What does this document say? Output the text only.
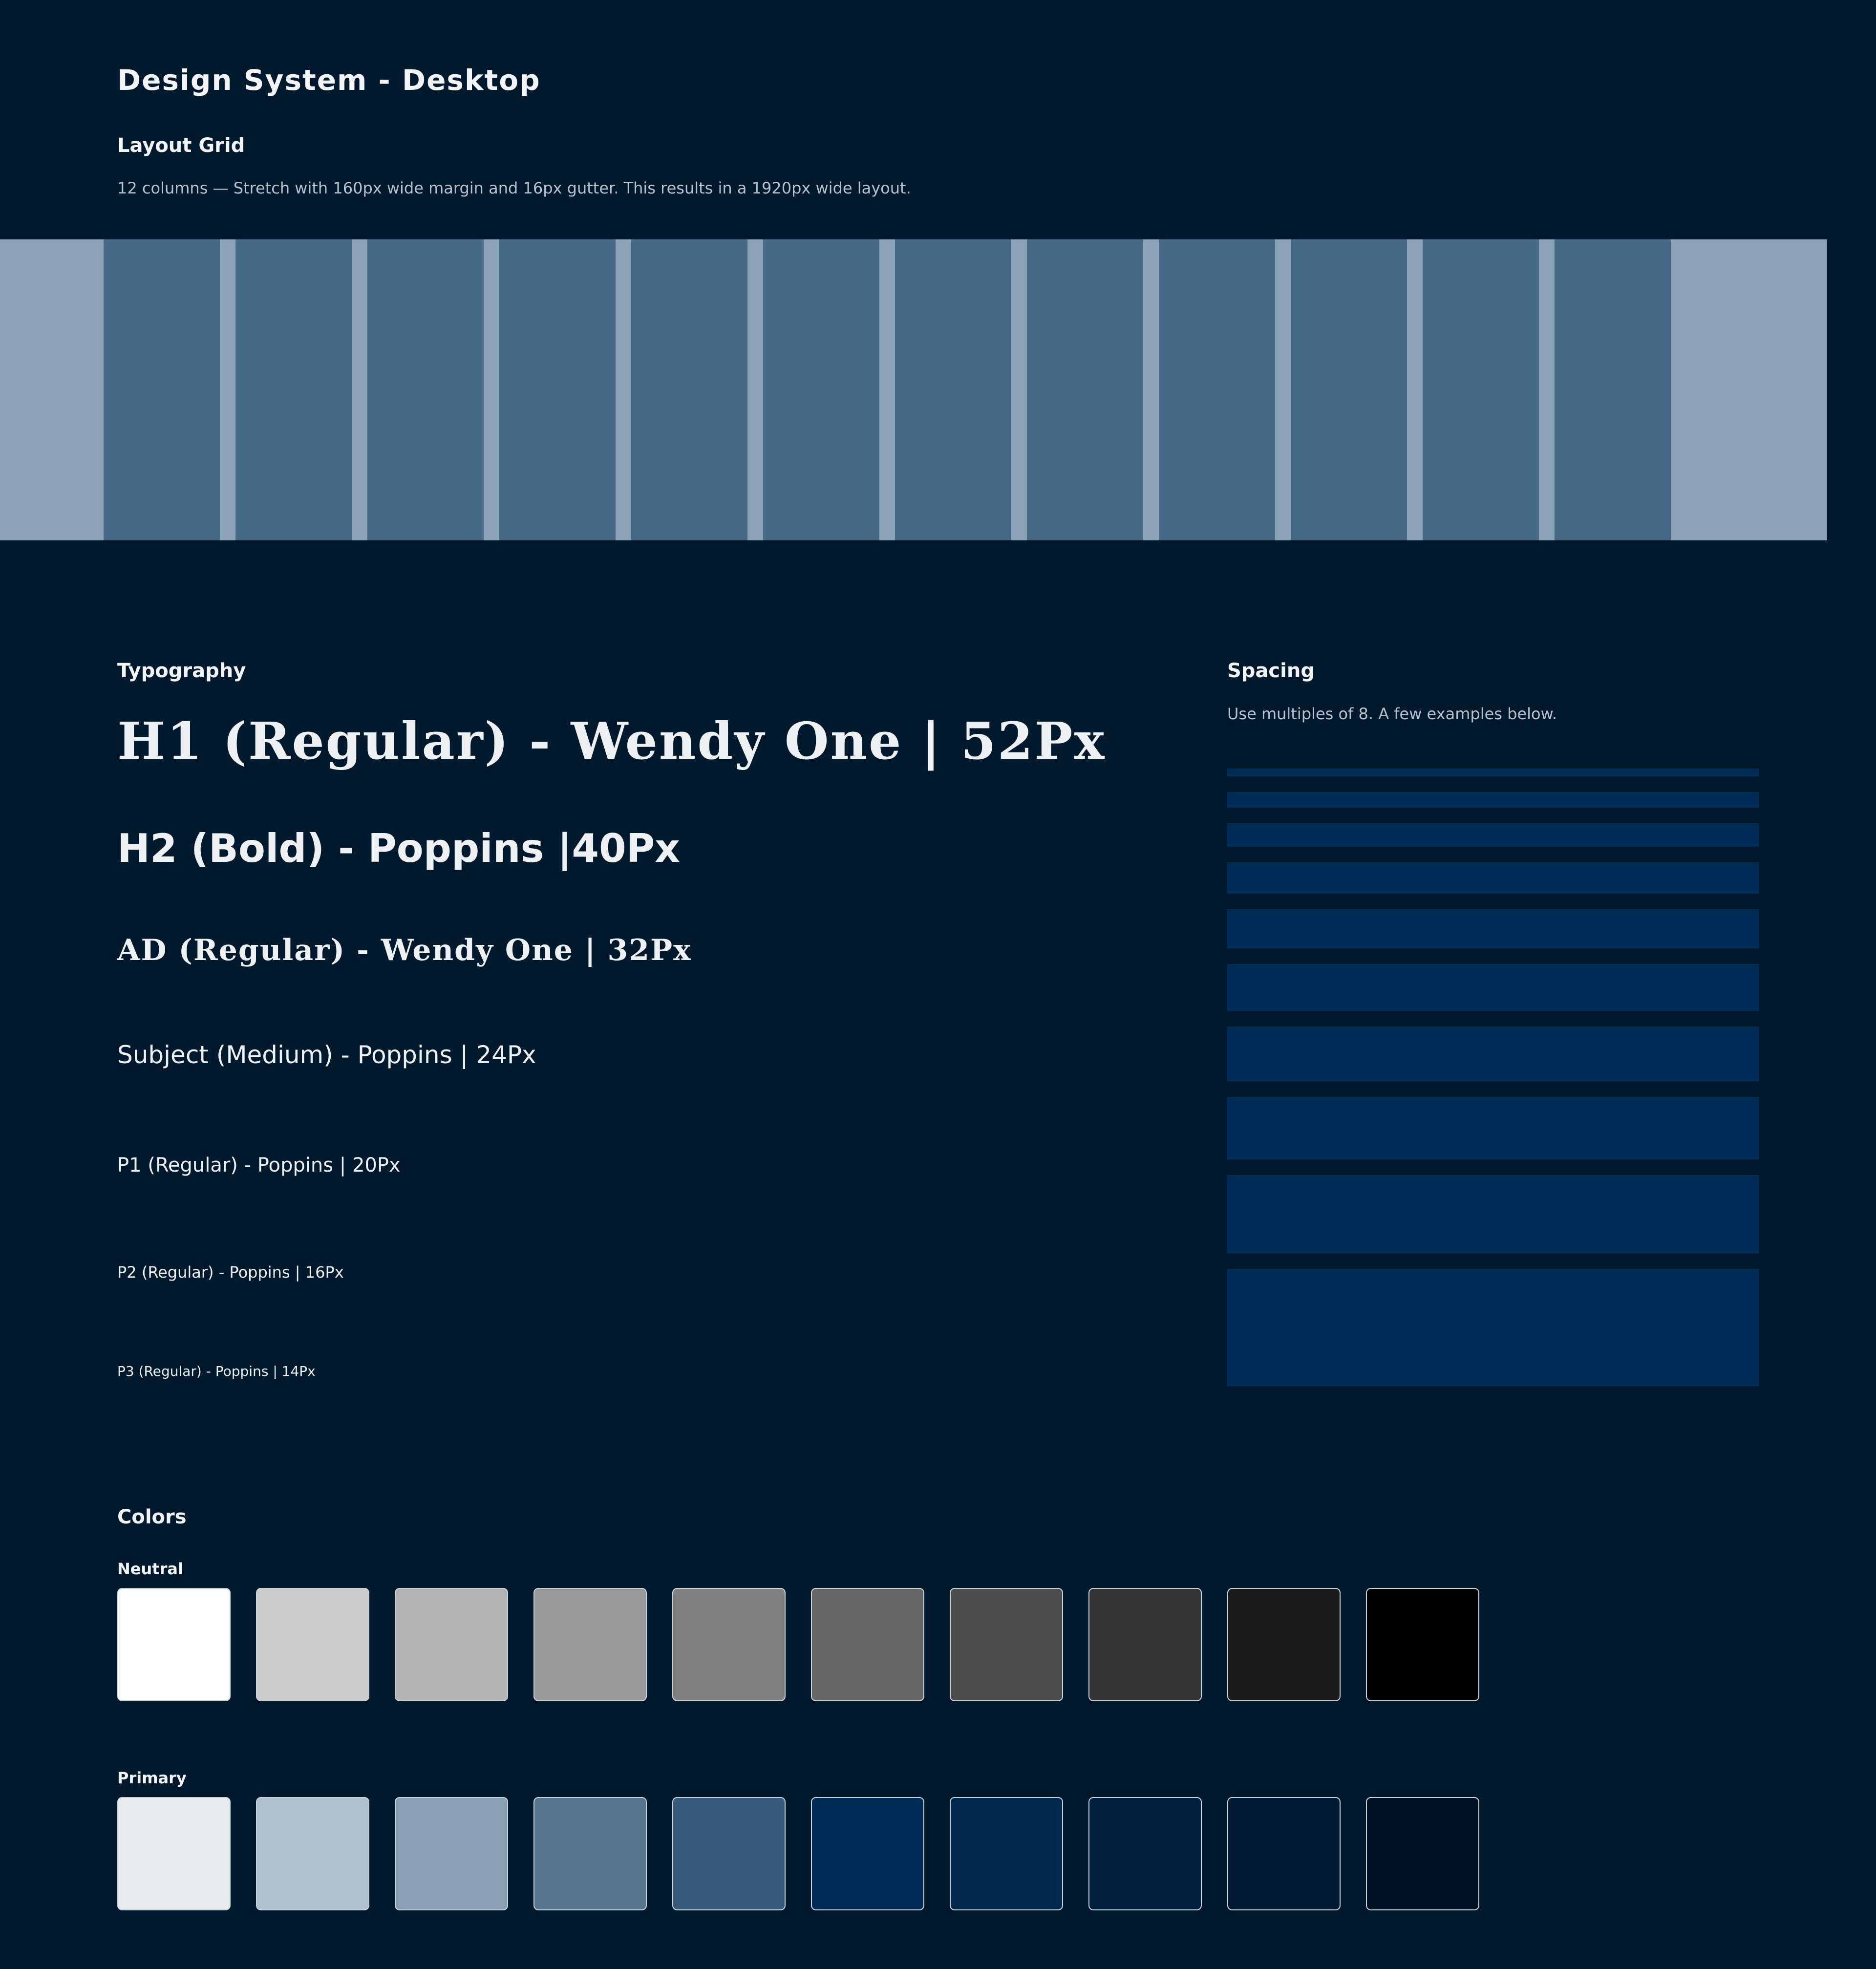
Design System - Desktop
Layout Grid
12 columns — Stretch with 160px wide margin and 16px gutter. This results in a 1920px wide layout.
Typography
H1 (Regular) - Wendy One | 52Px
H2 (Bold) - Poppins |40Px
AD (Regular) - Wendy One | 32Px
Subject (Medium) - Poppins | 24Px
P1 (Regular) - Poppins | 20Px
P2 (Regular) - Poppins | 16Px
P3 (Regular) - Poppins | 14Px
Spacing
Use multiples of 8. A few examples below.
Colors
Neutral
Primary
